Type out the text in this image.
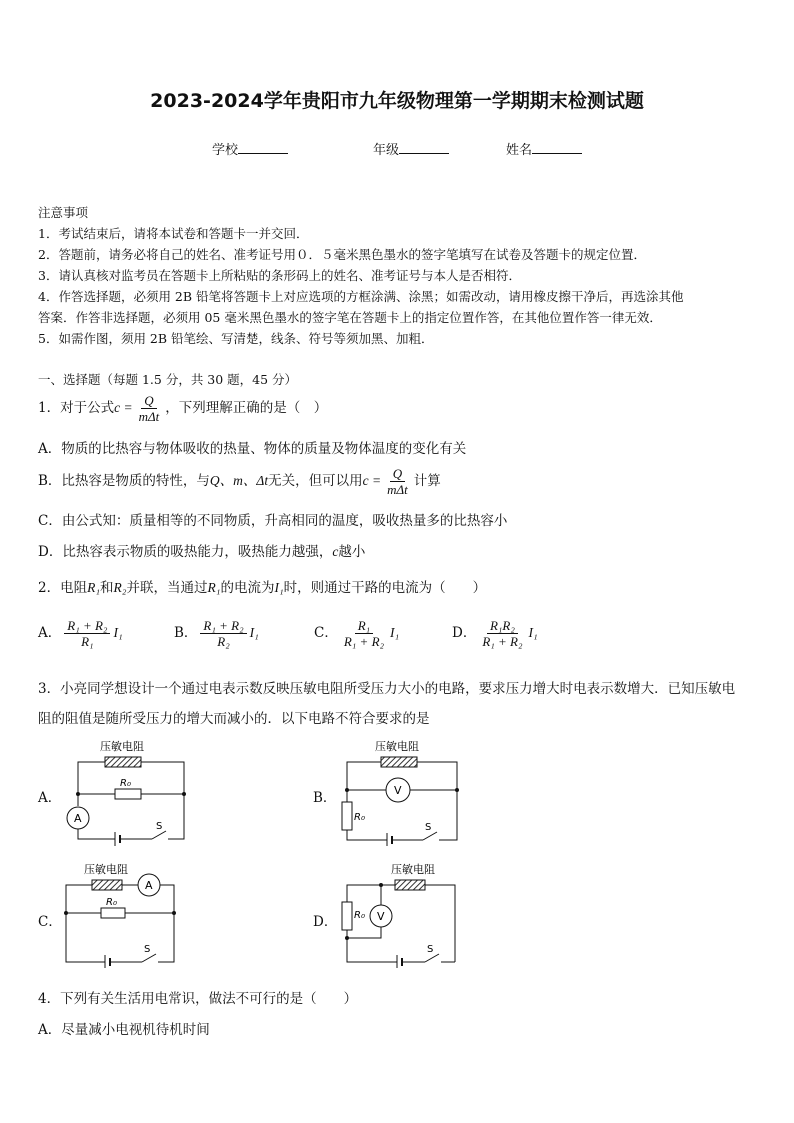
2023-2024学年贵阳市九年级物理第一学期期末检测试题
学校	年级	姓名
注意事项
1．考试结束后，请将本试卷和答题卡一并交回．
2．答题前，请务必将自己的姓名、准考证号用０．５毫米黑色墨水的签字笔填写在试卷及答题卡的规定位置．
3．请认真核对监考员在答题卡上所粘贴的条形码上的姓名、准考证号与本人是否相符．
4．作答选择题，必须用 2B 铅笔将答题卡上对应选项的方框涂满、涂黑；如需改动，请用橡皮擦干净后，再选涂其他
答案．作答非选择题，必须用 05 毫米黑色墨水的签字笔在答题卡上的指定位置作答，在其他位置作答一律无效．
5．如需作图，须用 2B 铅笔绘、写清楚，线条、符号等须加黑、加粗．
一、选择题（每题 1.5 分，共 30 题，45 分）
1．对于公式$c = \frac{Q}{\text{mΔt}}$ ，下列理解正确的是（　）
A．物质的比热容与物体吸收的热量、物体的质量及物体温度的变化有关
B．比热容是物质的特性，与Q、m、Δt无关，但可以用$c = \frac{Q}{\text{mΔt}}$ 计算
C．由公式知：质量相等的不同物质，升高相同的温度，吸收热量多的比热容小
D．比热容表示物质的吸热能力，吸热能力越强，c越小
2．电阻R₁和R₂并联，当通过R₁的电流为I₁时，则通过干路的电流为（　　）
A． $\frac{\text{R₁ + R₂}}{\text{R₁}} I_1$	B． $\frac{\text{R₁ + R₂}}{\text{R₂}} I_1$	C． $\frac{\text{R₁}}{\text{R₁ + R₂}} I_1$	D． $\frac{\text{R₁R₂}}{\text{R₁ + R₂}} I_1$
3．小亮同学想设计一个通过电表示数反映压敏电阻所受压力大小的电路，要求压力增大时电表示数增大．已知压敏电
阻的阻值是随所受压力的增大而减小的．以下电路不符合要求的是
A．	B．
C．	D．
压敏电阻
R₀
A
S
压敏电阻
V
R₀
S
压敏电阻
A
R₀
S
压敏电阻
V
R₀
S
4．下列有关生活用电常识，做法不可行的是（　　）
A．尽量减小电视机待机时间
